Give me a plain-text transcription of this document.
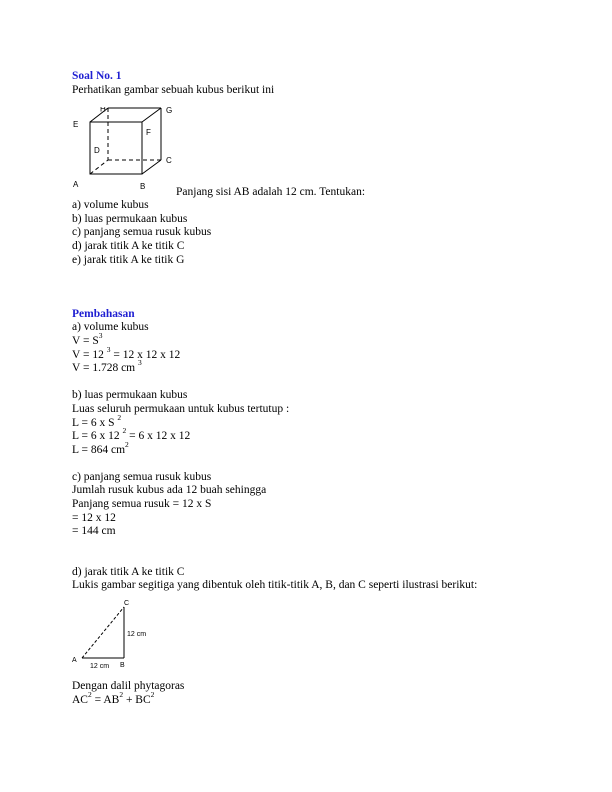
Soal No. 1
Perhatikan gambar sebuah kubus berikut ini
H	G
E
F
D
C
A	B	Panjang sisi AB adalah 12 cm. Tentukan:
a) volume kubus
b) luas permukaan kubus
c) panjang semua rusuk kubus
d) jarak titik A ke titik C
e) jarak titik A ke titik G
Pembahasan
a) volume kubus
$V = S^3$
V = 12 $^3$ = 12 x 12 x 12
V = 1.728 cm $^3$
b) luas permukaan kubus
Luas seluruh permukaan untuk kubus tertutup :
L = 6 x S $^2$
L = 6 x 12 $^2$ = 6 x 12 x 12
L = 864 $cm^2$
c) panjang semua rusuk kubus
Jumlah rusuk kubus ada 12 buah sehingga
Panjang semua rusuk = 12 x S
= 12 x 12
= 144 cm
d) jarak titik A ke titik C
Lukis gambar segitiga yang dibentuk oleh titik-titik A, B, dan C seperti ilustrasi berikut:
C
12 cm
A
B
12 cm
Dengan dalil phytagoras
$AC^2 = AB^2 + BC^2$
